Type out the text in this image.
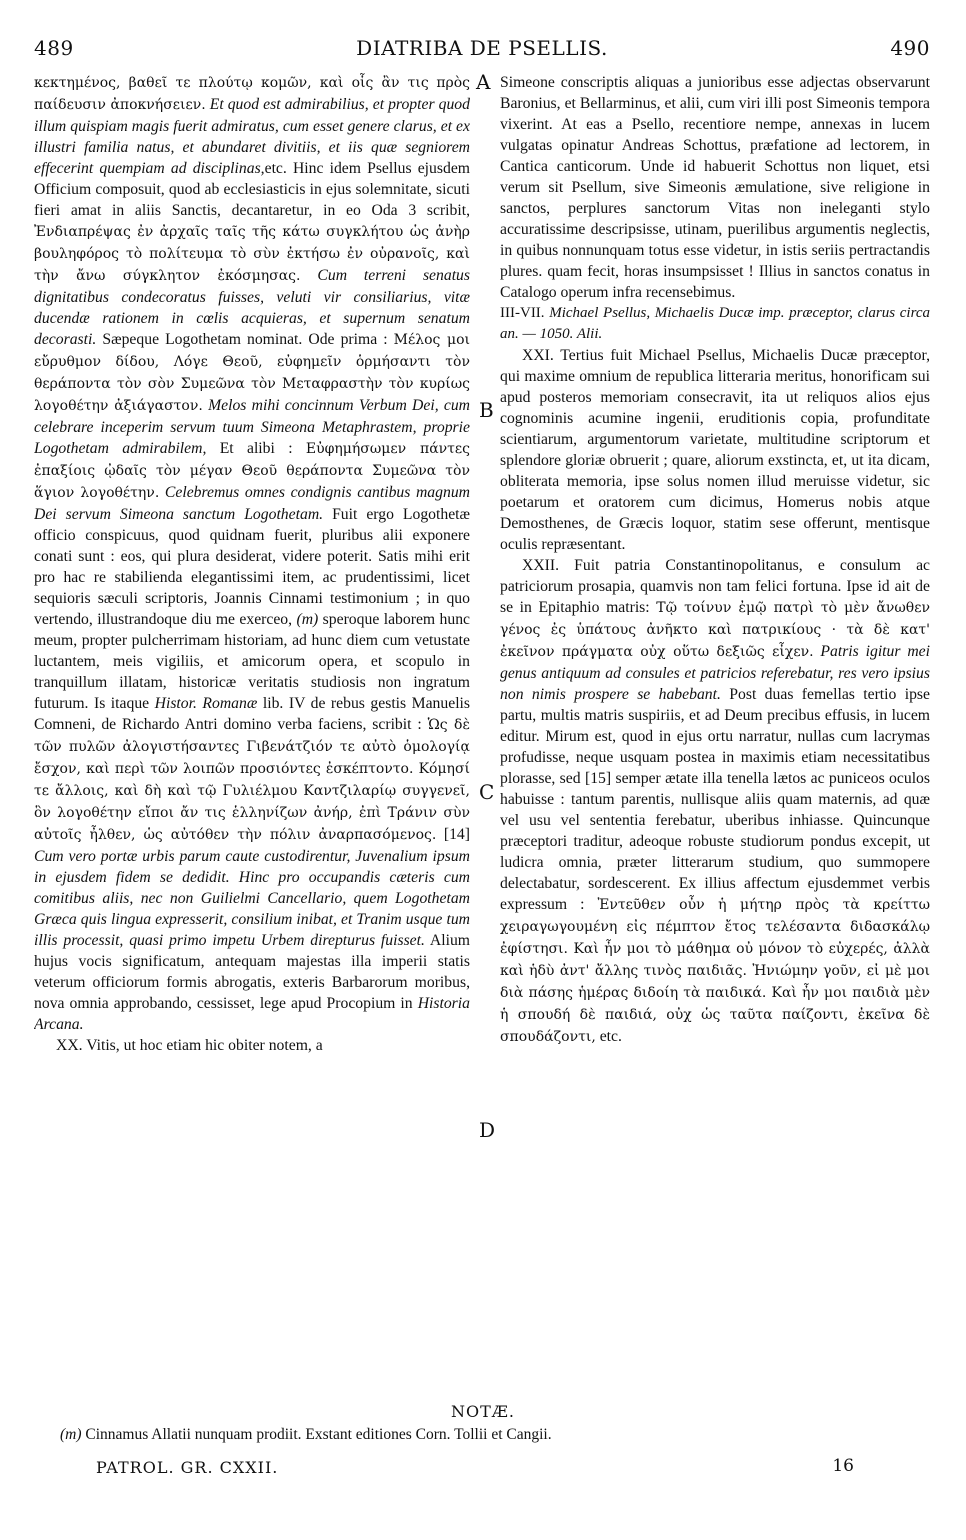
489	DIATRIBA DE PSELLIS.	490

κεκτημένος, βαθεῖ τε πλούτῳ κομῶν, καὶ οἷς ἂν τις πρὸς παίδευσιν ἀποκνήσειεν. Et quod est admirabilius, et propter quod illum quispiam magis fuerit admiratus, cum esset genere clarus, et ex illustri familia natus, et abundaret divitiis, et iis quæ segniorem effecerint quempiam ad disciplinas,etc. Hinc idem Psellus ejusdem Officium composuit, quod ab ecclesiasticis in ejus solemnitate, sicuti fieri amat in aliis Sanctis, decantaretur, in eo Oda 3 scribit, Ἐνδιαπρέψας ἐν ἀρχαῖς ταῖς τῆς κάτω συγκλήτου ὡς ἀνὴρ βουληφόρος τὸ πολίτευμα τὸ σὺν ἐκτήσω ἐν οὐρανοῖς, καὶ τὴν ἄνω σύγκλητον ἐκόσμησας. Cum terreni senatus dignitatibus condecoratus fuisses, veluti vir consiliarius, vitæ ducendæ rationem in cœlis acquieras, et supernum senatum decorasti. Sæpeque Logothetam nominat. Ode prima : Μέλος μοι εὔρυθμον δίδου, Λόγε Θεοῦ, εὐφημεῖν ὁρμήσαντι τὸν θεράποντα τὸν σὸν Συμεῶνα τὸν Μεταφραστὴν τὸν κυρίως λογοθέτην ἀξιάγαστον. Melos mihi concinnum Verbum Dei, cum celebrare inceperim servum tuum Simeona Metaphrastem, proprie Logothetam admirabilem, Et alibi : Εὐφημήσωμεν πάντες ἐπαξίοις ᾠδαῖς τὸν μέγαν Θεοῦ θεράποντα Συμεῶνα τὸν ἅγιον λογοθέτην. Celebremus omnes condignis cantibus magnum Dei servum Simeona sanctum Logothetam. Fuit ergo Logothetæ officio conspicuus, quod quidnam fuerit, pluribus alii exponere conati sunt : eos, qui plura desiderat, videre poterit. Satis mihi erit pro hac re stabilienda elegantissimi item, ac prudentissimi, licet sequioris sæculi scriptoris, Joannis Cinnami testimonium ; in quo vertendo, illustrandoque diu me exerceo, (m) speroque laborem hunc meum, propter pulcherrimam historiam, ad hunc diem cum vetustate luctantem, meis vigiliis, et amicorum opera, et scopulo in tranquillum illatam, historicæ veritatis studiosis non ingratum futurum. Is itaque Histor. Romanæ lib. IV de rebus gestis Manuelis Comneni, de Richardo Antri domino verba faciens, scribit : Ὡς δὲ τῶν πυλῶν ἀλογιστήσαντες Γιβενάτζιόν τε αὐτὸ ὁμολογίᾳ ἔσχον, καὶ περὶ τῶν λοιπῶν προσιόντες ἐσκέπτοντο. Κόμησί τε ἄλλοις, καὶ δὴ καὶ τῷ Γυλιέλμου Καντζιλαρίῳ συγγενεῖ, ὃν λογοθέτην εἴποι ἄν τις ἑλληνίζων ἀνήρ, ἐπὶ Τράνιν σὺν αὐτοῖς ἦλθεν, ὡς αὐτόθεν τὴν πόλιν ἀναρπασόμενος. [14] Cum vero portæ urbis parum caute custodirentur, Juvenalium ipsum in ejusdem fidem se dedidit. Hinc pro occupandis cæteris cum comitibus aliis, nec non Guilielmi Cancellario, quem Logothetam Græca quis lingua expresserit, consilium inibat, et Tranim usque tum illis processit, quasi primo impetu Urbem direpturus fuisset. Alium hujus vocis significatum, antequam majestas illa imperii statis veterum officiorum formis abrogatis, exteris Barbarorum moribus, nova omnia approbando, cessisset, lege apud Procopium in Historia Arcana.

XX. Vitis, ut hoc etiam hic obiter notem, a

A
B
C
D

Simeone conscriptis aliquas a junioribus esse adjectas observarunt Baronius, et Bellarminus, et alii, cum viri illi post Simeonis tempora vixerint. At eas a Psello, recentiore nempe, annexas in lucem vulgatas opinatur Andreas Schottus, præfatione ad lectorem, in Cantica canticorum. Unde id habuerit Schottus non liquet, etsi verum sit Psellum, sive Simeonis æmulatione, sive religione in sanctos, perplures sanctorum Vitas non ineleganti stylo accuratissime descripsisse, utinam, puerilibus argumentis neglectis, in quibus nonnunquam totus esse videtur, in istis seriis pertractandis plures. quam fecit, horas insumpsisset ! Illius in sanctos conatus in Catalogo operum infra recensebimus.

III-VII. Michael Psellus, Michaelis Ducæ imp. præceptor, clarus circa an. — 1050. Alii.

XXI. Tertius fuit Michael Psellus, Michaelis Ducæ præceptor, qui maxime omnium de republica litteraria meritus, honorificam sui apud posteros memoriam consecravit, ita ut reliquos alios ejus cognominis acumine ingenii, eruditionis copia, profunditate scientiarum, argumentorum varietate, multitudine scriptorum et splendore gloriæ obruerit ; quare, aliorum exstincta, et, ut ita dicam, obliterata memoria, ipse solus nomen illud meruisse videtur, sic poetarum et oratorem cum dicimus, Homerus nobis atque Demosthenes, de Græcis loquor, statim sese offerunt, mentisque oculis repræsentant.

XXII. Fuit patria Constantinopolitanus, e consulum ac patriciorum prosapia, quamvis non tam felici fortuna. Ipse id ait de se in Epitaphio matris: Τῷ τοίνυν ἐμῷ πατρὶ τὸ μὲν ἄνωθεν γένος ἐς ὑπάτους ἀνῆκτο καὶ πατρικίους · τὰ δὲ κατ' ἐκεῖνον πράγματα οὐχ οὕτω δεξιῶς εἶχεν. Patris igitur mei genus antiquum ad consules et patricios referebatur, res vero ipsius non nimis prospere se habebant. Post duas femellas tertio ipse partu, multis matris suspiriis, et ad Deum precibus effusis, in lucem editur. Mirum est, quod in ejus ortu narratur, nullas cum lacrymas profudisse, neque usquam postea in maximis etiam necessitatibus plorasse, sed [15] semper ætate illa tenella lætos ac puniceos oculos habuisse : tantum parentis, nullisque aliis quam maternis, ad quæ vel usu vel sententia ferebatur, uberibus inhiasse. Quincunque præceptori traditur, adeoque robuste studiorum pondus excepit, ut ludicra omnia, præter litterarum studium, quo summopere delectabatur, sordescerent. Ex illius affectum ejusdemmet verbis expressum : Ἐντεῦθεν οὖν ἡ μήτηρ πρὸς τὰ κρείττω χειραγωγουμένη εἰς πέμπτον ἔτος τελέσαντα διδασκάλῳ ἐφίστησι. Καὶ ἦν μοι τὸ μάθημα οὐ μόνον τὸ εὐχερές, ἀλλὰ καὶ ἡδὺ ἀντ' ἄλλης τινὸς παιδιᾶς. Ἠνιώμην γοῦν, εἰ μὲ μοι διὰ πάσης ἡμέρας διδοίη τὰ παιδικά. Καὶ ἦν μοι παιδιὰ μὲν ἡ σπουδή δὲ παιδιά, οὐχ ὡς ταῦτα παίζοντι, ἐκεῖνα δὲ σπουδάζοντι, etc.

NOTÆ.
(m) Cinnamus Allatii nunquam prodiit. Exstant editiones Corn. Tollii et Cangii.
PATROL. GR. CXXII.	16
